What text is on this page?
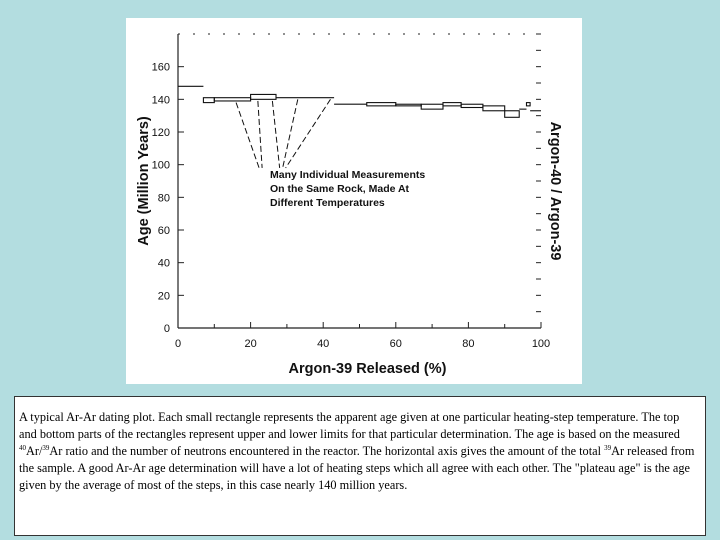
0
20
40
60
80
100
120
140
160
0	20	40	60	80	100
Many Individual Measurements
On the Same Rock, Made At
Different Temperatures
Age (Million Years)	Argon-40 / Argon-39
Argon-39 Released (%)
A typical Ar-Ar dating plot. Each small rectangle represents the apparent age given at one particular heating-step temperature. The top and bottom parts of the rectangles represent upper and lower limits for that particular determination. The age is based on the measured $^{40}$Ar/$^{39}$Ar ratio and the number of neutrons encountered in the reactor. The horizontal axis gives the amount of the total $^{39}$Ar released from the sample. A good Ar-Ar age determination will have a lot of heating steps which all agree with each other. The "plateau age" is the age given by the average of most of the steps, in this case nearly 140 million years.
